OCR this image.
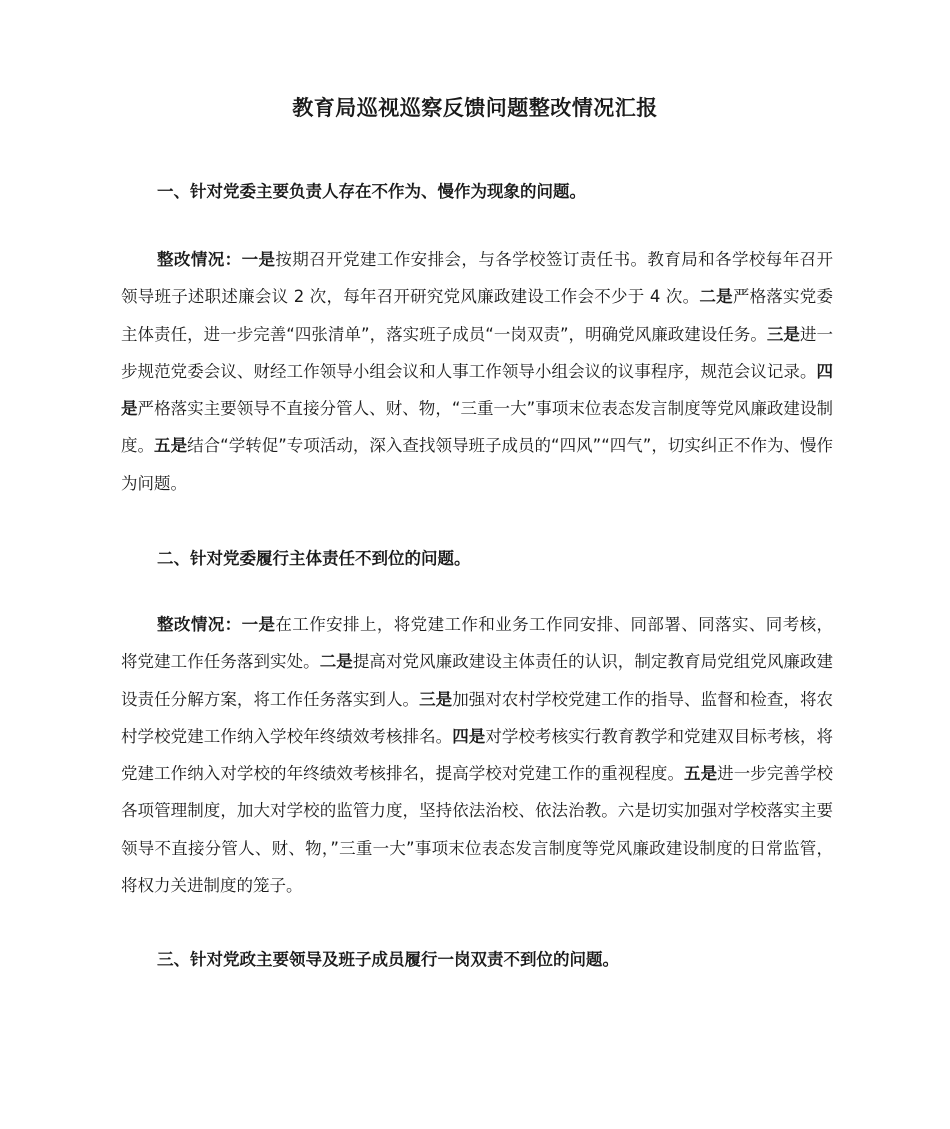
教育局巡视巡察反馈问题整改情况汇报
一、针对党委主要负责人存在不作为、慢作为现象的问题。

整改情况：一是按期召开党建工作安排会，与各学校签订责任书。教育局和各学校每年召开领导班子述职述廉会议 2 次，每年召开研究党风廉政建设工作会不少于 4 次。二是严格落实党委主体责任，进一步完善“四张清单”，落实班子成员“一岗双责”，明确党风廉政建设任务。三是进一步规范党委会议、财经工作领导小组会议和人事工作领导小组会议的议事程序，规范会议记录。四是严格落实主要领导不直接分管人、财、物，“三重一大”事项末位表态发言制度等党风廉政建设制度。五是结合“学转促”专项活动，深入查找领导班子成员的“四风”“四气”，切实纠正不作为、慢作为问题。

二、针对党委履行主体责任不到位的问题。

整改情况：一是在工作安排上，将党建工作和业务工作同安排、同部署、同落实、同考核，将党建工作任务落到实处。二是提高对党风廉政建设主体责任的认识，制定教育局党组党风廉政建设责任分解方案，将工作任务落实到人。三是加强对农村学校党建工作的指导、监督和检查，将农村学校党建工作纳入学校年终绩效考核排名。四是对学校考核实行教育教学和党建双目标考核，将党建工作纳入对学校的年终绩效考核排名，提高学校对党建工作的重视程度。五是进一步完善学校各项管理制度，加大对学校的监管力度，坚持依法治校、依法治教。六是切实加强对学校落实主要领导不直接分管人、财、物，”三重一大”事项末位表态发言制度等党风廉政建设制度的日常监管，将权力关进制度的笼子。

三、针对党政主要领导及班子成员履行一岗双责不到位的问题。
